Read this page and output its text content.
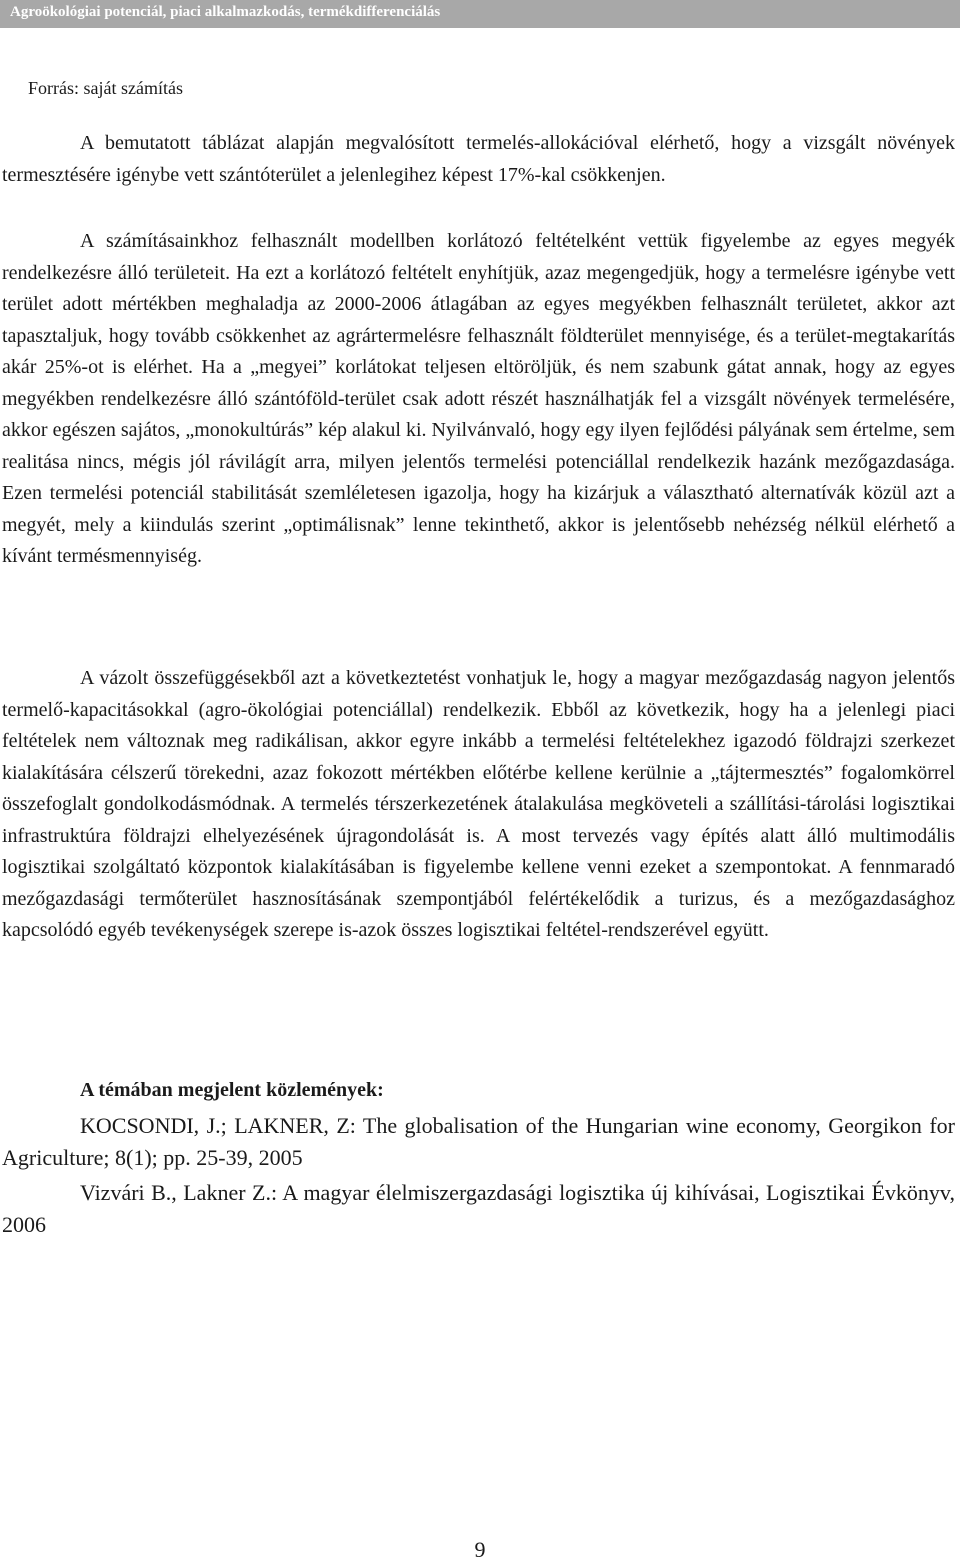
Agroökológiai potenciál, piaci alkalmazkodás, termékdifferenciálás
Forrás: saját számítás

A bemutatott táblázat alapján megvalósított termelés-allokációval elérhető, hogy a vizsgált növények termesztésére igénybe vett szántóterület a jelenlegihez képest 17%-kal csökkenjen.

A számításainkhoz felhasznált modellben korlátozó feltételként vettük figyelembe az egyes megyék rendelkezésre álló területeit. Ha ezt a korlátozó feltételt enyhítjük, azaz megengedjük, hogy a termelésre igénybe vett terület adott mértékben meghaladja az 2000-2006 átlagában az egyes megyékben felhasznált területet, akkor azt tapasztaljuk, hogy tovább csökkenhet az agrártermelésre felhasznált földterület mennyisége, és a terület-megtakarítás akár 25%-ot is elérhet. Ha a „megyei” korlátokat teljesen eltöröljük, és nem szabunk gátat annak, hogy az egyes megyékben rendelkezésre álló szántóföld-terület csak adott részét használhatják fel a vizsgált növények termelésére, akkor egészen sajátos, „monokultúrás” kép alakul ki. Nyilvánvaló, hogy egy ilyen fejlődési pályának sem értelme, sem realitása nincs, mégis jól rávilágít arra, milyen jelentős termelési potenciállal rendelkezik hazánk mezőgazdasága. Ezen termelési potenciál stabilitását szemléletesen igazolja, hogy ha kizárjuk a választható alternatívák közül azt a megyét, mely a kiindulás szerint „optimálisnak” lenne tekinthető, akkor is jelentősebb nehézség nélkül elérhető a kívánt termésmennyiség.

A vázolt összefüggésekből azt a következtetést vonhatjuk le, hogy a magyar mezőgazdaság nagyon jelentős termelő-kapacitásokkal (agro-ökológiai potenciállal) rendelkezik. Ebből az következik, hogy ha a jelenlegi piaci feltételek nem változnak meg radikálisan, akkor egyre inkább a termelési feltételekhez igazodó földrajzi szerkezet kialakítására célszerű törekedni, azaz fokozott mértékben előtérbe kellene kerülnie a „tájtermesztés” fogalomkörrel összefoglalt gondolkodásmódnak. A termelés térszerkezetének átalakulása megköveteli a szállítási-tárolási logisztikai infrastruktúra földrajzi elhelyezésének újragondolását is. A most tervezés vagy építés alatt álló multimodális logisztikai szolgáltató központok kialakításában is figyelembe kellene venni ezeket a szempontokat. A fennmaradó mezőgazdasági termőterület hasznosításának szempontjából felértékelődik a turizus, és a mezőgazdasághoz kapcsolódó egyéb tevékenységek szerepe is-azok összes logisztikai feltétel-rendszerével együtt.

A témában megjelent közlemények:

KOCSONDI, J.; LAKNER, Z: The globalisation of the Hungarian wine economy, Georgikon for Agriculture; 8(1); pp. 25-39, 2005

Vizvári B., Lakner Z.: A magyar élelmiszergazdasági logisztika új kihívásai, Logisztikai Évkönyv, 2006

9
